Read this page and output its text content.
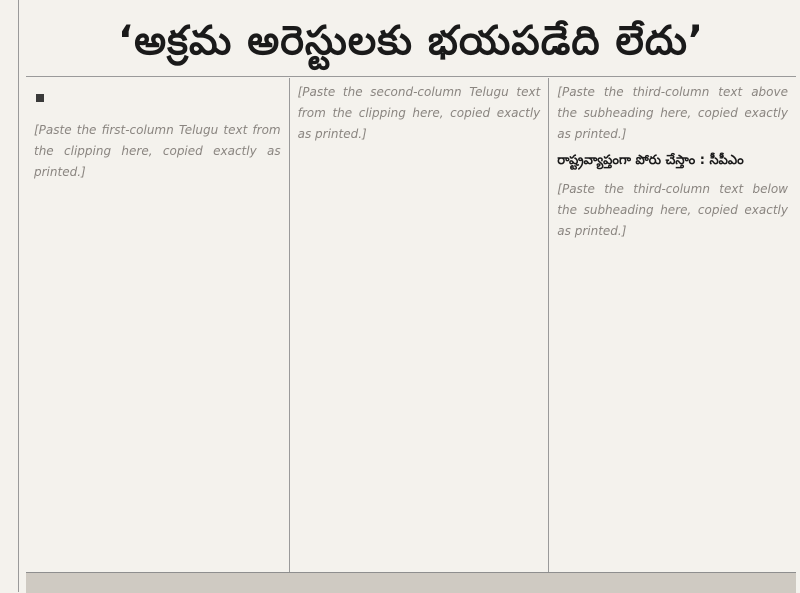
‘అక్రమ అరెస్టులకు భయపడేది లేదు’
[Paste the first-column Telugu text from the clipping here, copied exactly as printed.]
[Paste the second-column Telugu text from the clipping here, copied exactly as printed.]
[Paste the third-column text above the subheading here, copied exactly as printed.]
రాష్ట్రవ్యాప్తంగా పోరు చేస్తాం : సీపీఎం
[Paste the third-column text below the subheading here, copied exactly as printed.]
